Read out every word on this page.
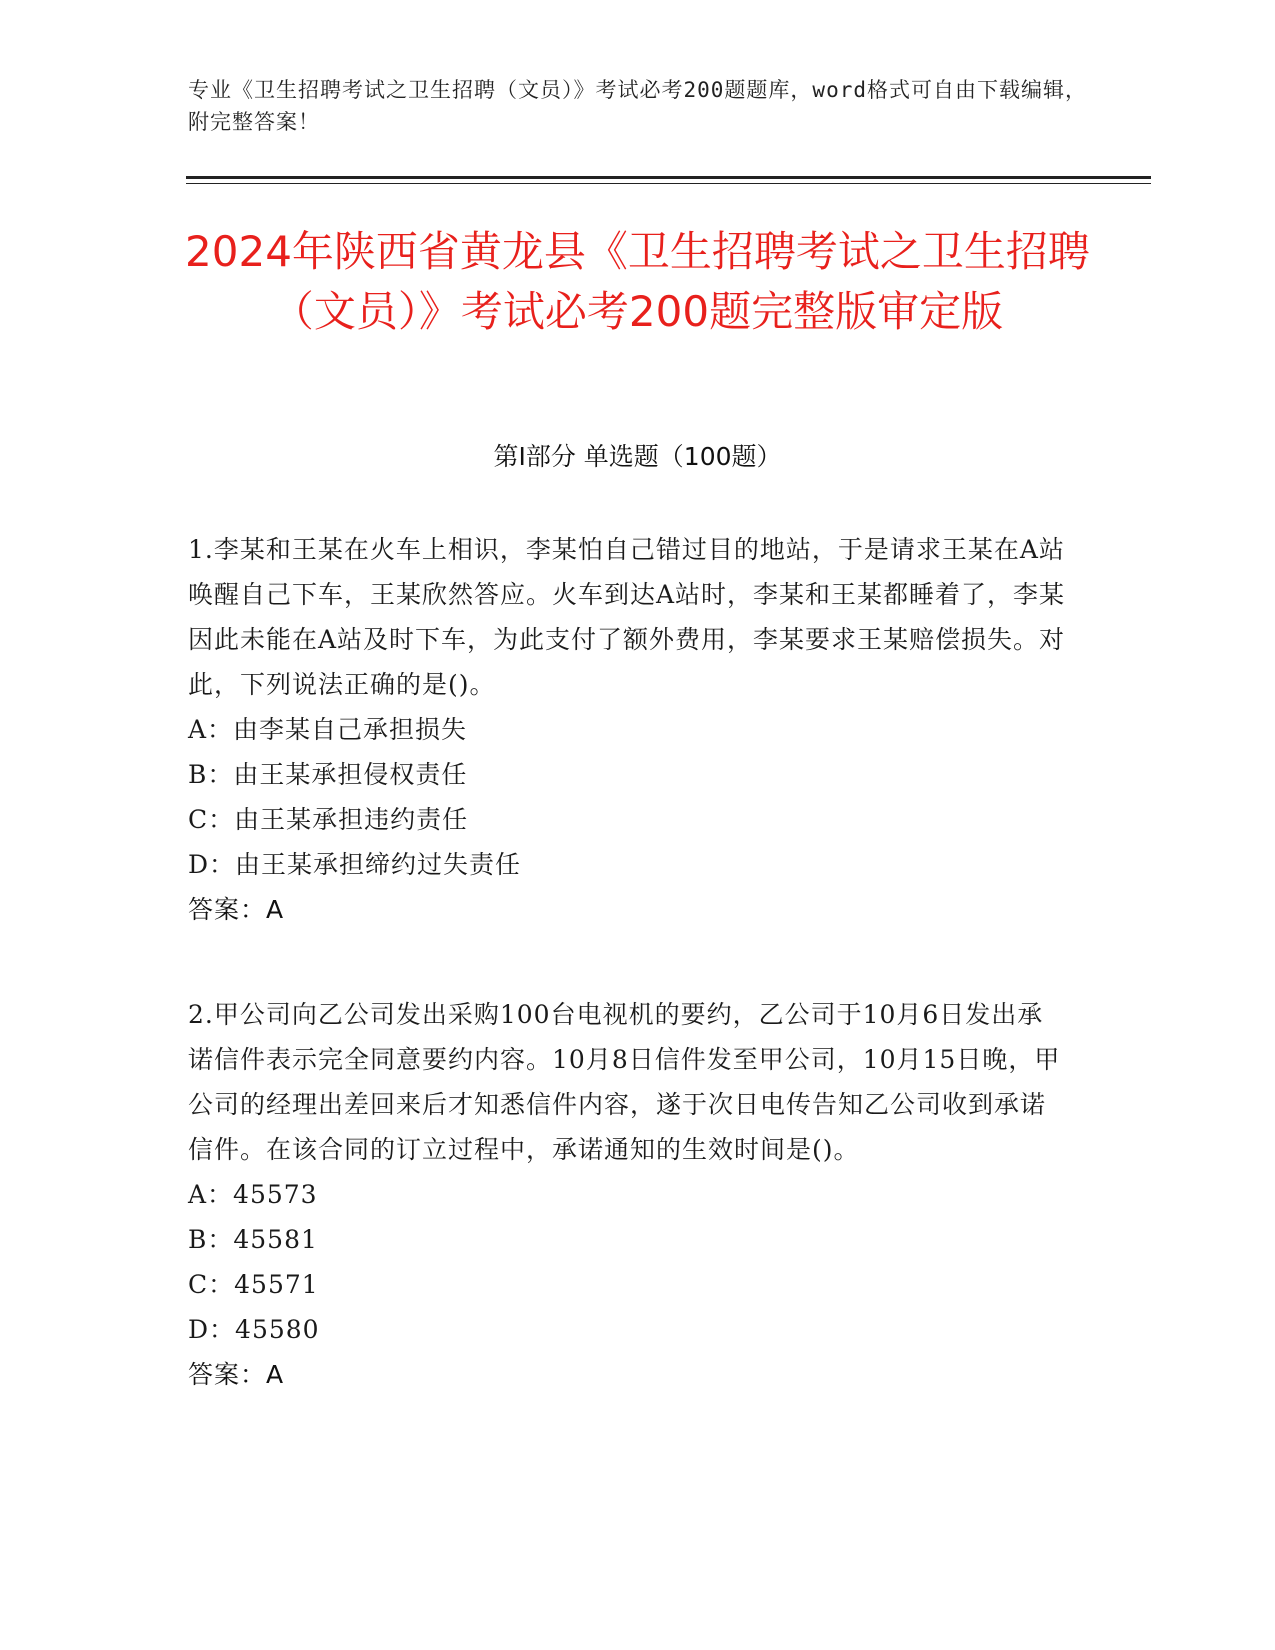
专业《卫生招聘考试之卫生招聘（文员）》考试必考200题题库，word格式可自由下载编辑，附完整答案！
2024年陕西省黄龙县《卫生招聘考试之卫生招聘（文员）》考试必考200题完整版审定版
第I部分 单选题（100题）

1.李某和王某在火车上相识，李某怕自己错过目的地站，于是请求王某在A站唤醒自己下车，王某欣然答应。火车到达A站时，李某和王某都睡着了，李某因此未能在A站及时下车，为此支付了额外费用，李某要求王某赔偿损失。对此，下列说法正确的是()。

A：由李某自己承担损失

B：由王某承担侵权责任

C：由王某承担违约责任

D：由王某承担缔约过失责任

答案：A

2.甲公司向乙公司发出采购100台电视机的要约，乙公司于10月6日发出承诺信件表示完全同意要约内容。10月8日信件发至甲公司，10月15日晚，甲公司的经理出差回来后才知悉信件内容，遂于次日电传告知乙公司收到承诺信件。在该合同的订立过程中，承诺通知的生效时间是()。

A：45573

B：45581

C：45571

D：45580

答案：A
